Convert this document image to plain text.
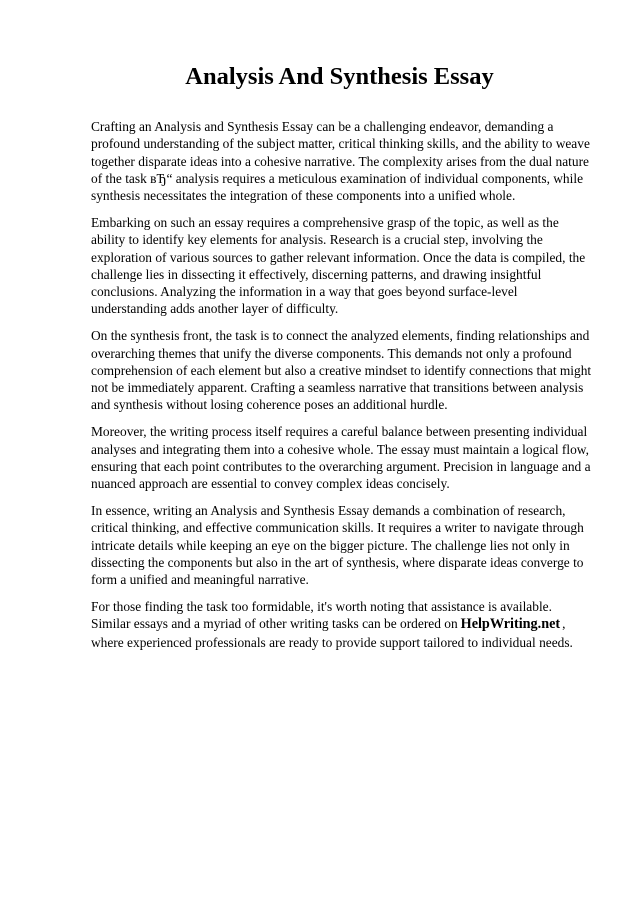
Analysis And Synthesis Essay

Crafting an Analysis and Synthesis Essay can be a challenging endeavor, demanding a profound understanding of the subject matter, critical thinking skills, and the ability to weave together disparate ideas into a cohesive narrative. The complexity arises from the dual nature of the task вЂ“ analysis requires a meticulous examination of individual components, while synthesis necessitates the integration of these components into a unified whole.

Embarking on such an essay requires a comprehensive grasp of the topic, as well as the ability to identify key elements for analysis. Research is a crucial step, involving the exploration of various sources to gather relevant information. Once the data is compiled, the challenge lies in dissecting it effectively, discerning patterns, and drawing insightful conclusions. Analyzing the information in a way that goes beyond surface-level understanding adds another layer of difficulty.

On the synthesis front, the task is to connect the analyzed elements, finding relationships and overarching themes that unify the diverse components. This demands not only a profound comprehension of each element but also a creative mindset to identify connections that might not be immediately apparent. Crafting a seamless narrative that transitions between analysis and synthesis without losing coherence poses an additional hurdle.

Moreover, the writing process itself requires a careful balance between presenting individual analyses and integrating them into a cohesive whole. The essay must maintain a logical flow, ensuring that each point contributes to the overarching argument. Precision in language and a nuanced approach are essential to convey complex ideas concisely.

In essence, writing an Analysis and Synthesis Essay demands a combination of research, critical thinking, and effective communication skills. It requires a writer to navigate through intricate details while keeping an eye on the bigger picture. The challenge lies not only in dissecting the components but also in the art of synthesis, where disparate ideas converge to form a unified and meaningful narrative.

For those finding the task too formidable, it's worth noting that assistance is available. Similar essays and a myriad of other writing tasks can be ordered on HelpWriting.net , where experienced professionals are ready to provide support tailored to individual needs.
